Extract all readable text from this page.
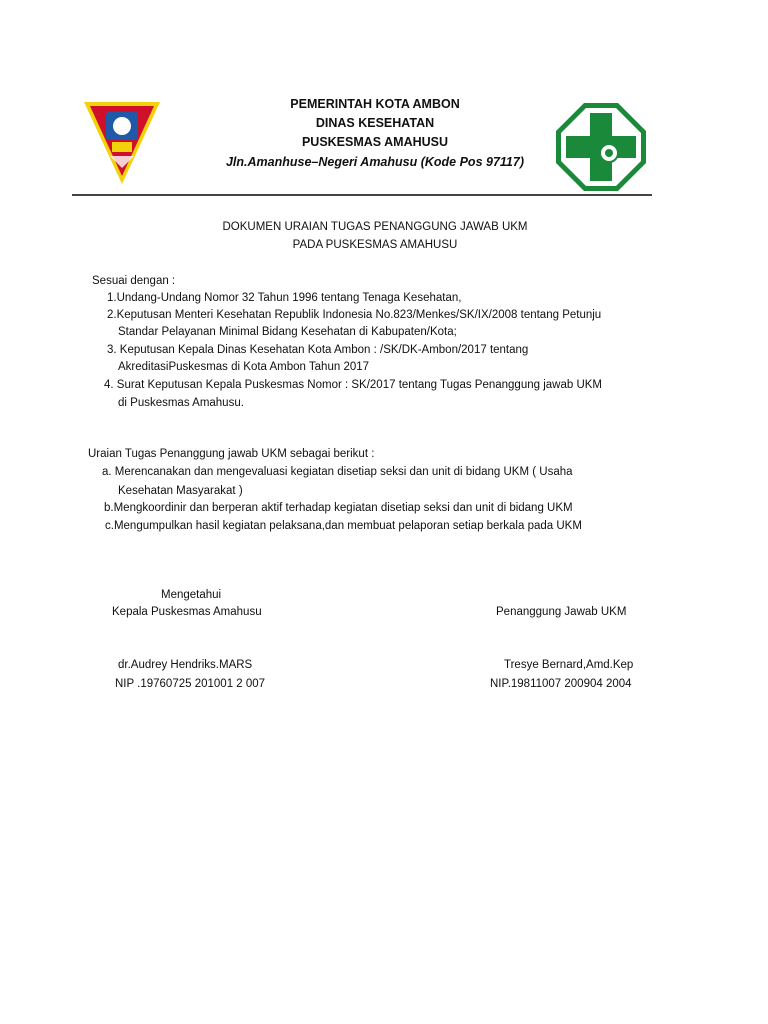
PEMERINTAH KOTA AMBON
DINAS KESEHATAN
PUSKESMAS AMAHUSU
Jln.Amanhuse–Negeri Amahusu (Kode Pos 97117)
DOKUMEN URAIAN TUGAS PENANGGUNG JAWAB UKM
PADA PUSKESMAS AMAHUSU
Sesuai dengan :
1.Undang-Undang Nomor 32 Tahun 1996 tentang Tenaga Kesehatan,
2.Keputusan Menteri Kesehatan Republik Indonesia No.823/Menkes/SK/IX/2008 tentang Petunju
Standar Pelayanan Minimal Bidang Kesehatan di Kabupaten/Kota;
3. Keputusan Kepala Dinas Kesehatan Kota Ambon : /SK/DK-Ambon/2017 tentang
AkreditasiPuskesmas di Kota Ambon Tahun 2017
4. Surat Keputusan Kepala Puskesmas Nomor : SK/2017 tentang Tugas Penanggung jawab UKM
di Puskesmas Amahusu.
Uraian Tugas Penanggung jawab UKM sebagai berikut :
a. Merencanakan dan mengevaluasi kegiatan disetiap seksi dan unit di bidang UKM ( Usaha
Kesehatan Masyarakat )
b.Mengkoordinir dan berperan aktif terhadap kegiatan disetiap seksi dan unit di bidang UKM
c.Mengumpulkan hasil kegiatan pelaksana,dan membuat pelaporan setiap berkala pada UKM
Mengetahui
Kepala Puskesmas Amahusu	Penanggung Jawab UKM
dr.Audrey Hendriks.MARS	Tresye Bernard,Amd.Kep
NIP .19760725 201001 2 007	NIP.19811007 200904 2004
